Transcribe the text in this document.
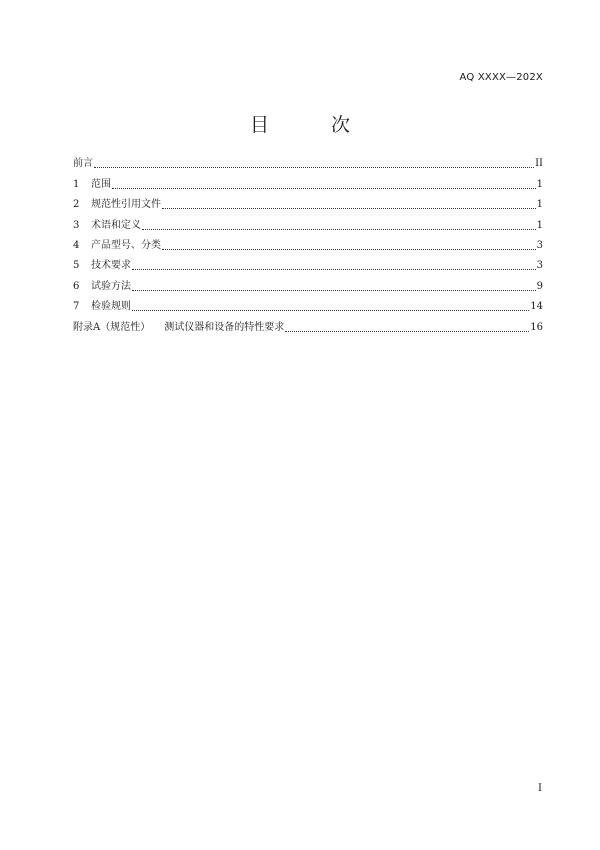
AQ XXXX—202X
目 次
前言	II
1	范围	1
2	规范性引用文件	1
3	术语和定义	1
4	产品型号、分类	3
5	技术要求	3
6	试验方法	9
7	检验规则	14
附录A（规范性） 测试仪器和设备的特性要求	16
I
